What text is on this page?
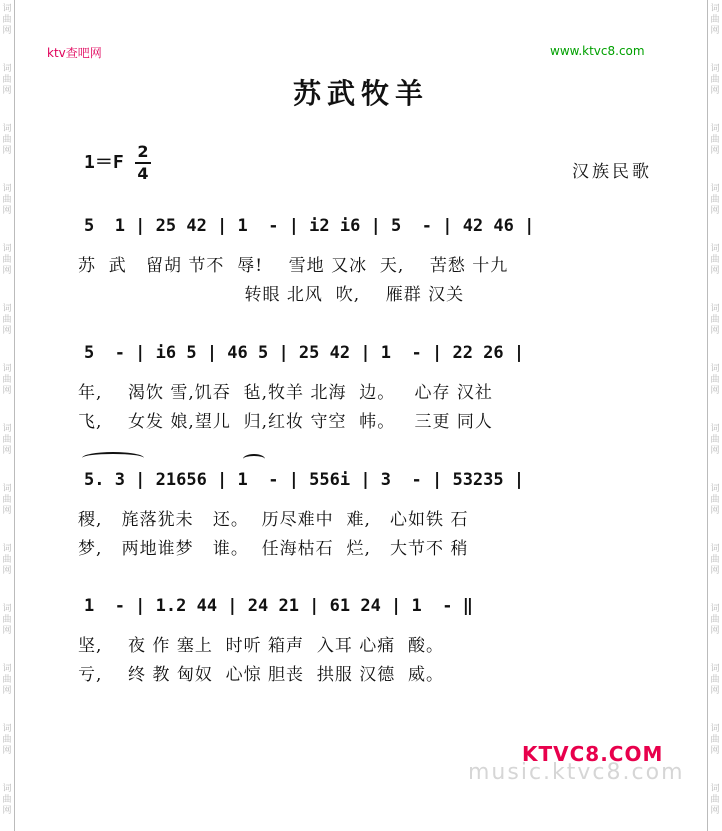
词曲网
词曲网
词曲网
词曲网
词曲网
词曲网
词曲网
词曲网
词曲网
词曲网
词曲网
词曲网
词曲网
词曲网
词曲网
词曲网
词曲网
词曲网
词曲网
词曲网
词曲网
词曲网
词曲网
词曲网
词曲网
词曲网
词曲网
词曲网
ktv查吧网	www.ktvc8.com
苏武牧羊
1＝F
2
4	汉族民歌
5  1 | 25 42 | 1  - | i2 i6 | 5  - | 42 46 |
苏  武   留胡 节不  辱!    雪地 又冰  天,    苦愁 十九
转眼 北风  吹,    雁群 汉关
5  - | i6 5 | 46 5 | 25 42 | 1  - | 22 26 |
年,    渴饮 雪,饥吞  毡,牧羊 北海  边。   心存 汉社
飞,    女发 娘,望儿  归,红妆 守空  帏。   三更 同人
5. 3 | 21656 | 1  - | 556i | 3  - | 53235 |
稷,   旄落犹未   还。  历尽难中  难,   心如铁 石
梦,   两地谁梦   谁。  任海枯石  烂,   大节不 稍
1  - | 1.2 44 | 24 21 | 61 24 | 1  - ‖
坚,    夜 作 塞上  时听 箱声  入耳 心痛  酸。
亏,    终 教 匈奴  心惊 胆丧  拱服 汉德  威。
music.ktvc8.com
KTVC8.COM
